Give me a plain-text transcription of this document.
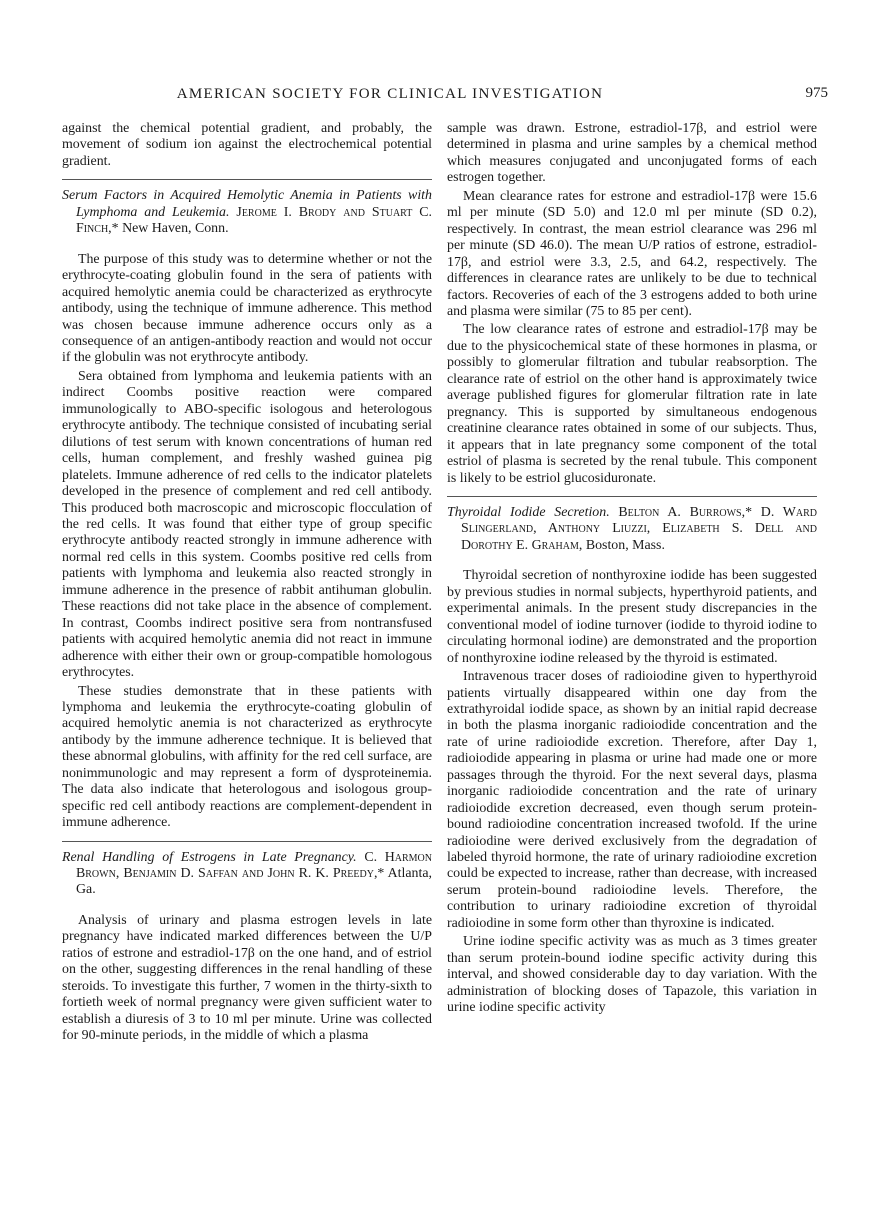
AMERICAN SOCIETY FOR CLINICAL INVESTIGATION	975

against the chemical potential gradient, and probably, the movement of sodium ion against the electrochemical potential gradient.

Serum Factors in Acquired Hemolytic Anemia in Patients with Lymphoma and Leukemia. Jerome I. Brody and Stuart C. Finch,* New Haven, Conn.

The purpose of this study was to determine whether or not the erythrocyte-coating globulin found in the sera of patients with acquired hemolytic anemia could be characterized as erythrocyte antibody, using the technique of immune adherence. This method was chosen because immune adherence occurs only as a consequence of an antigen-antibody reaction and would not occur if the globulin was not erythrocyte antibody.

Sera obtained from lymphoma and leukemia patients with an indirect Coombs positive reaction were compared immunologically to ABO-specific isologous and heterologous erythrocyte antibody. The technique consisted of incubating serial dilutions of test serum with known concentrations of human red cells, human complement, and freshly washed guinea pig platelets. Immune adherence of red cells to the indicator platelets developed in the presence of complement and red cell antibody. This produced both macroscopic and microscopic flocculation of the red cells. It was found that either type of group specific erythrocyte antibody reacted strongly in immune adherence with normal red cells in this system. Coombs positive red cells from patients with lymphoma and leukemia also reacted strongly in immune adherence in the presence of rabbit antihuman globulin. These reactions did not take place in the absence of complement. In contrast, Coombs indirect positive sera from nontransfused patients with acquired hemolytic anemia did not react in immune adherence with either their own or group-compatible homologous erythrocytes.

These studies demonstrate that in these patients with lymphoma and leukemia the erythrocyte-coating globulin of acquired hemolytic anemia is not characterized as erythrocyte antibody by the immune adherence technique. It is believed that these abnormal globulins, with affinity for the red cell surface, are nonimmunologic and may represent a form of dysproteinemia. The data also indicate that heterologous and isologous group-specific red cell antibody reactions are complement-dependent in immune adherence.

Renal Handling of Estrogens in Late Pregnancy. C. Harmon Brown, Benjamin D. Saffan and John R. K. Preedy,* Atlanta, Ga.

Analysis of urinary and plasma estrogen levels in late pregnancy have indicated marked differences between the U/P ratios of estrone and estradiol-17β on the one hand, and of estriol on the other, suggesting differences in the renal handling of these steroids. To investigate this further, 7 women in the thirty-sixth to fortieth week of normal pregnancy were given sufficient water to establish a diuresis of 3 to 10 ml per minute. Urine was collected for 90-minute periods, in the middle of which a plasma

sample was drawn. Estrone, estradiol-17β, and estriol were determined in plasma and urine samples by a chemical method which measures conjugated and unconjugated forms of each estrogen together.

Mean clearance rates for estrone and estradiol-17β were 15.6 ml per minute (SD 5.0) and 12.0 ml per minute (SD 0.2), respectively. In contrast, the mean estriol clearance was 296 ml per minute (SD 46.0). The mean U/P ratios of estrone, estradiol-17β, and estriol were 3.3, 2.5, and 64.2, respectively. The differences in clearance rates are unlikely to be due to technical factors. Recoveries of each of the 3 estrogens added to both urine and plasma were similar (75 to 85 per cent).

The low clearance rates of estrone and estradiol-17β may be due to the physicochemical state of these hormones in plasma, or possibly to glomerular filtration and tubular reabsorption. The clearance rate of estriol on the other hand is approximately twice average published figures for glomerular filtration rate in late pregnancy. This is supported by simultaneous endogenous creatinine clearance rates obtained in some of our subjects. Thus, it appears that in late pregnancy some component of the total estriol of plasma is secreted by the renal tubule. This component is likely to be estriol glucosiduronate.

Thyroidal Iodide Secretion. Belton A. Burrows,* D. Ward Slingerland, Anthony Liuzzi, Elizabeth S. Dell and Dorothy E. Graham, Boston, Mass.

Thyroidal secretion of nonthyroxine iodide has been suggested by previous studies in normal subjects, hyperthyroid patients, and experimental animals. In the present study discrepancies in the conventional model of iodine turnover (iodide to thyroid iodine to circulating hormonal iodine) are demonstrated and the proportion of nonthyroxine iodine released by the thyroid is estimated.

Intravenous tracer doses of radioiodine given to hyperthyroid patients virtually disappeared within one day from the extrathyroidal iodide space, as shown by an initial rapid decrease in both the plasma inorganic radioiodide concentration and the rate of urine radioiodide excretion. Therefore, after Day 1, radioiodide appearing in plasma or urine had made one or more passages through the thyroid. For the next several days, plasma inorganic radioiodide concentration and the rate of urinary radioiodide excretion decreased, even though serum protein-bound radioiodine concentration increased twofold. If the urine radioiodine were derived exclusively from the degradation of labeled thyroid hormone, the rate of urinary radioiodine excretion could be expected to increase, rather than decrease, with increased serum protein-bound radioiodine levels. Therefore, the contribution to urinary radioiodine excretion of thyroidal radioiodine in some form other than thyroxine is indicated.

Urine iodine specific activity was as much as 3 times greater than serum protein-bound iodine specific activity during this interval, and showed considerable day to day variation. With the administration of blocking doses of Tapazole, this variation in urine iodine specific activity
